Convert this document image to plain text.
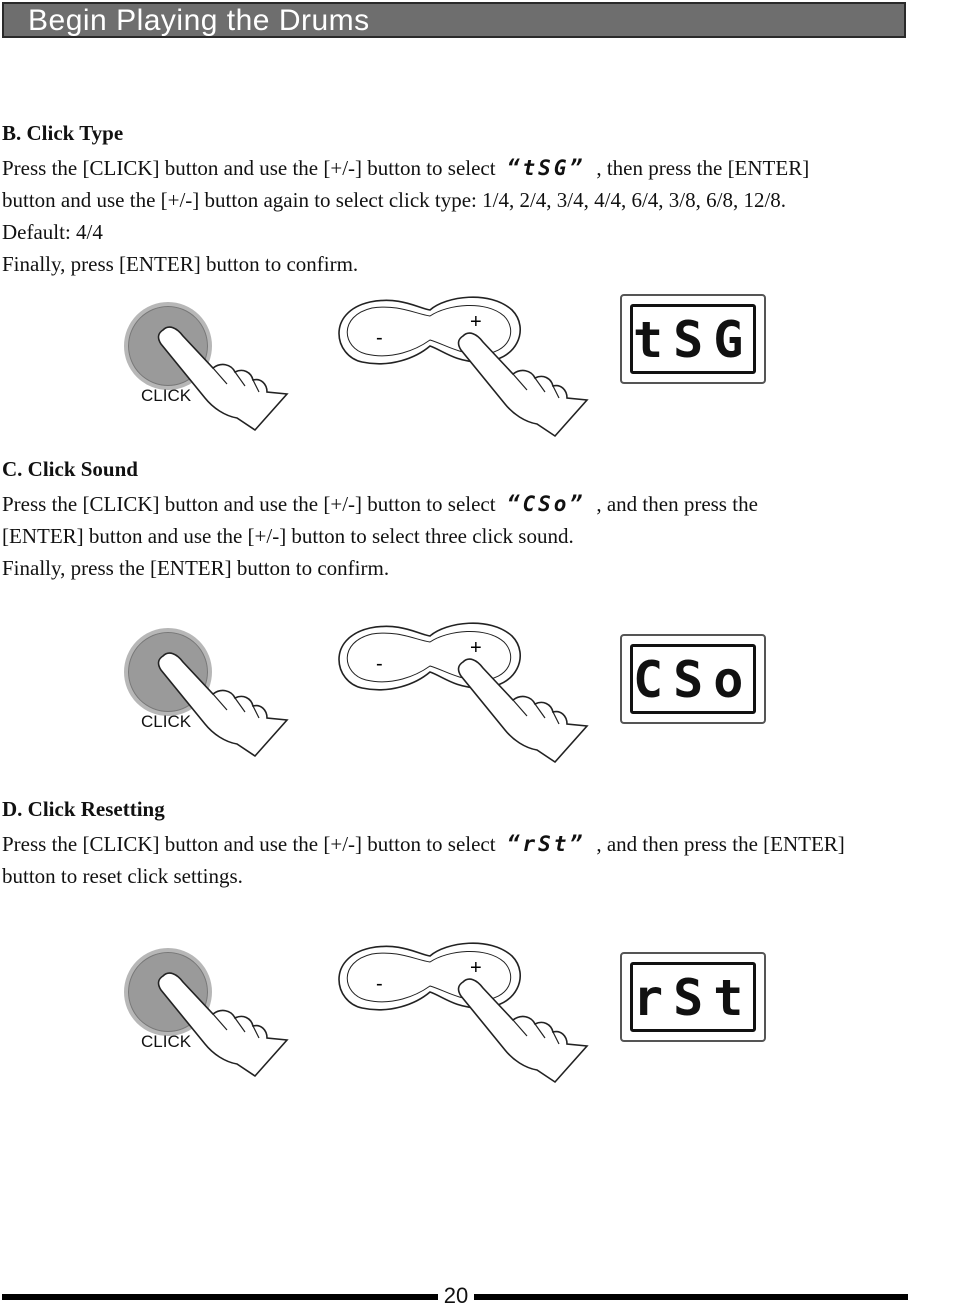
Begin Playing the Drums
B. Click Type

Press the [CLICK] button and use the [+/-] button to select “tSG” , then press the [ENTER]

button and use the [+/-] button again to select click type: 1/4, 2/4, 3/4, 4/4, 6/4, 3/8, 6/8, 12/8.

Default: 4/4

Finally, press [ENTER] button to confirm.

CLICK
-
+	tSG
C. Click Sound

Press the [CLICK] button and use the [+/-] button to select “CSo” , and then press the

[ENTER] button and use the [+/-] button to select three click sound.

Finally, press the [ENTER] button to confirm.

CLICK
-
+
CSo
D. Click Resetting

Press the [CLICK] button and use the [+/-] button to select “rSt” , and then press the [ENTER]

button to reset click settings.

CLICK
-
+
rSt
20
